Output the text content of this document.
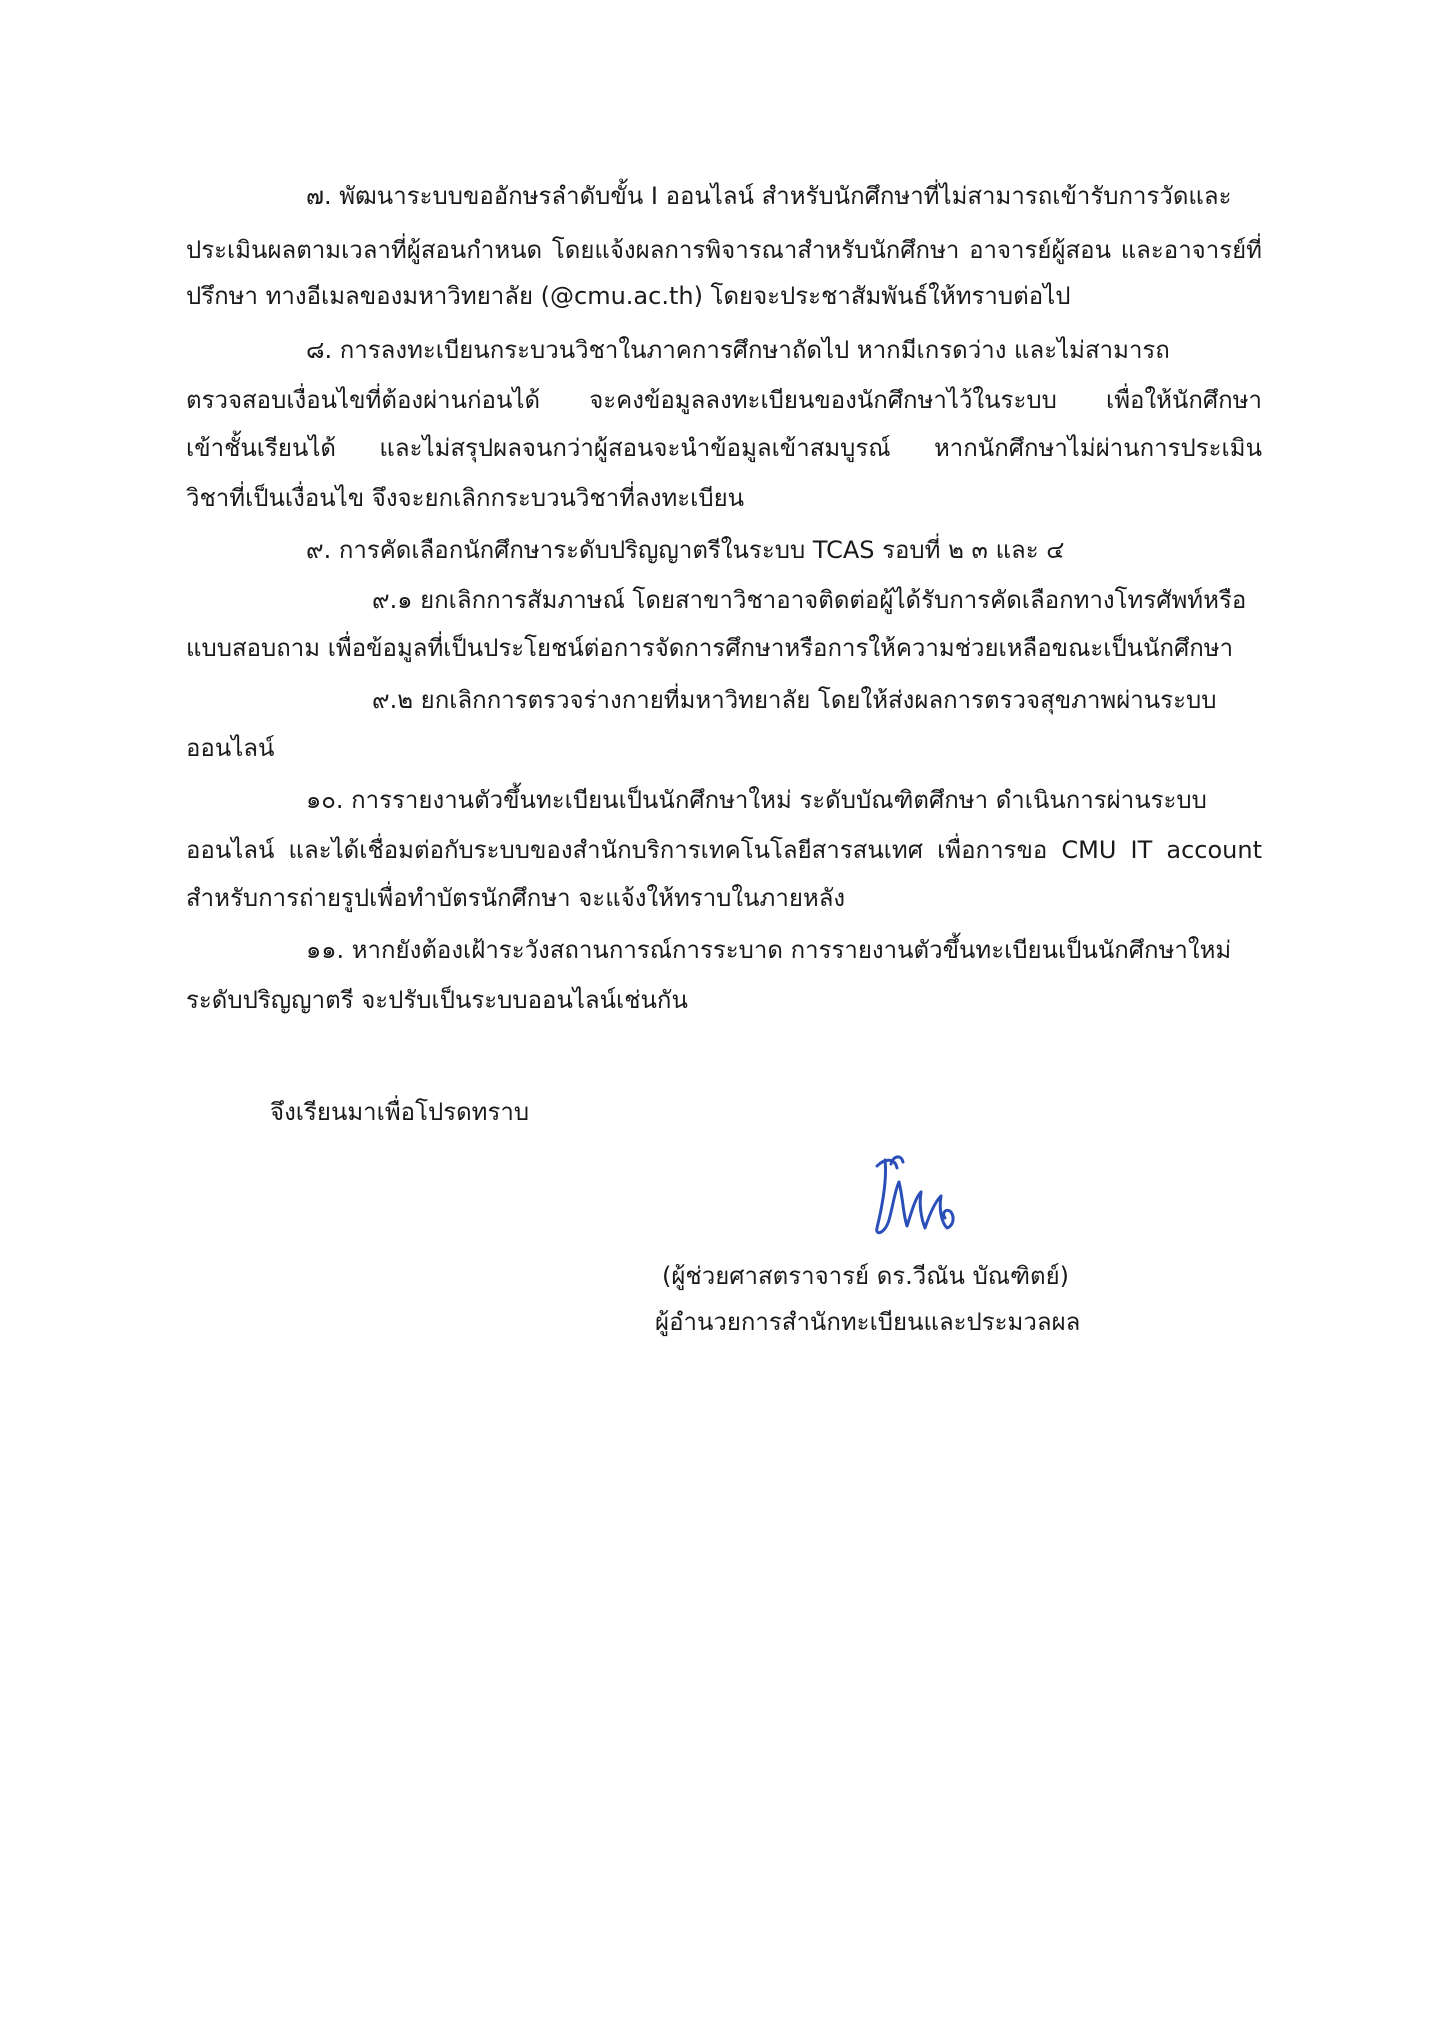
๗. พัฒนาระบบขออักษรลำดับขั้น I ออนไลน์ สำหรับนักศึกษาที่ไม่สามารถเข้ารับการวัดและ
ประเมินผลตามเวลาที่ผู้สอนกำหนด โดยแจ้งผลการพิจารณาสำหรับนักศึกษา อาจารย์ผู้สอน และอาจารย์ที่
ปรึกษา ทางอีเมลของมหาวิทยาลัย (@cmu.ac.th) โดยจะประชาสัมพันธ์ให้ทราบต่อไป
๘. การลงทะเบียนกระบวนวิชาในภาคการศึกษาถัดไป หากมีเกรดว่าง และไม่สามารถ
ตรวจสอบเงื่อนไขที่ต้องผ่านก่อนได้ จะคงข้อมูลลงทะเบียนของนักศึกษาไว้ในระบบ เพื่อให้นักศึกษา
เข้าชั้นเรียนได้ และไม่สรุปผลจนกว่าผู้สอนจะนำข้อมูลเข้าสมบูรณ์ หากนักศึกษาไม่ผ่านการประเมิน
วิชาที่เป็นเงื่อนไข จึงจะยกเลิกกระบวนวิชาที่ลงทะเบียน
๙. การคัดเลือกนักศึกษาระดับปริญญาตรีในระบบ TCAS รอบที่ ๒ ๓ และ ๔
๙.๑ ยกเลิกการสัมภาษณ์ โดยสาขาวิชาอาจติดต่อผู้ได้รับการคัดเลือกทางโทรศัพท์หรือ
แบบสอบถาม เพื่อข้อมูลที่เป็นประโยชน์ต่อการจัดการศึกษาหรือการให้ความช่วยเหลือขณะเป็นนักศึกษา
๙.๒ ยกเลิกการตรวจร่างกายที่มหาวิทยาลัย โดยให้ส่งผลการตรวจสุขภาพผ่านระบบ
ออนไลน์
๑๐. การรายงานตัวขึ้นทะเบียนเป็นนักศึกษาใหม่ ระดับบัณฑิตศึกษา ดำเนินการผ่านระบบ
ออนไลน์ และได้เชื่อมต่อกับระบบของสำนักบริการเทคโนโลยีสารสนเทศ เพื่อการขอ CMU IT account
สำหรับการถ่ายรูปเพื่อทำบัตรนักศึกษา จะแจ้งให้ทราบในภายหลัง
๑๑. หากยังต้องเฝ้าระวังสถานการณ์การระบาด การรายงานตัวขึ้นทะเบียนเป็นนักศึกษาใหม่
ระดับปริญญาตรี จะปรับเป็นระบบออนไลน์เช่นกัน
จึงเรียนมาเพื่อโปรดทราบ
(ผู้ช่วยศาสตราจารย์ ดร.วีณัน บัณฑิตย์)
ผู้อำนวยการสำนักทะเบียนและประมวลผล
